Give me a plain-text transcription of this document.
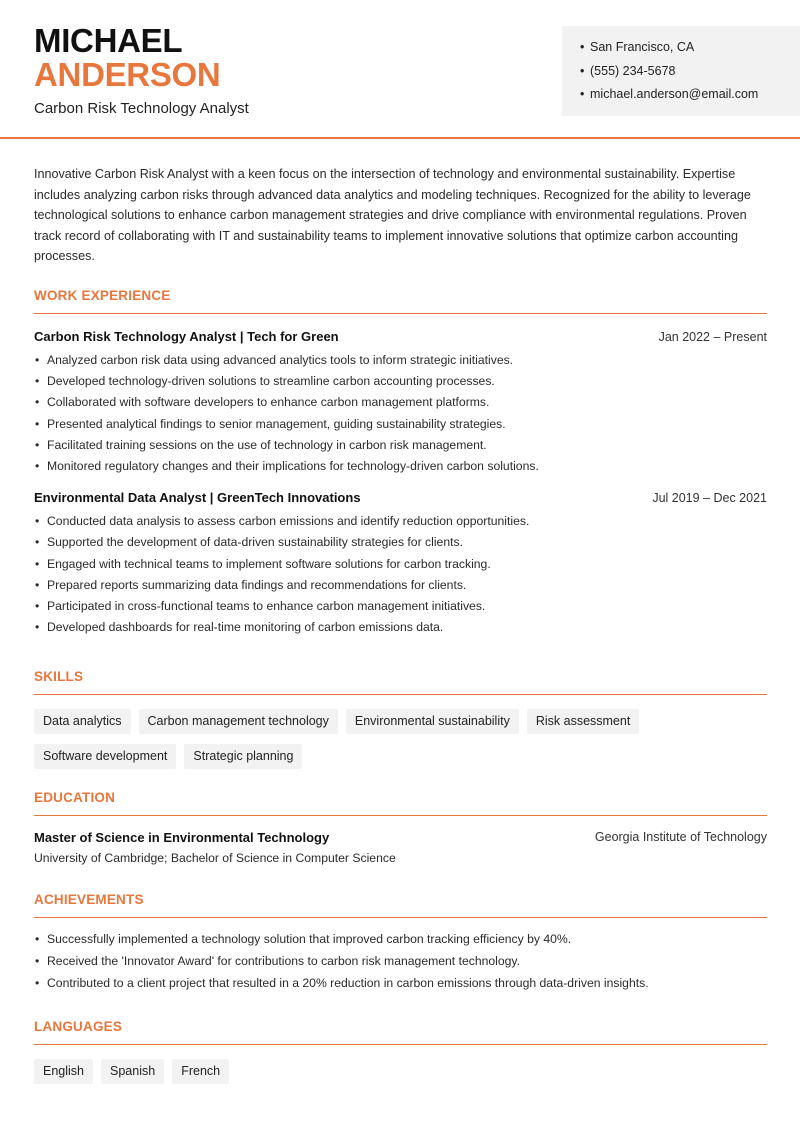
MICHAEL
ANDERSON
Carbon Risk Technology Analyst
• San Francisco, CA
• (555) 234-5678
• michael.anderson@email.com

Innovative Carbon Risk Analyst with a keen focus on the intersection of technology and environmental sustainability. Expertise includes analyzing carbon risks through advanced data analytics and modeling techniques. Recognized for the ability to leverage technological solutions to enhance carbon management strategies and drive compliance with environmental regulations. Proven track record of collaborating with IT and sustainability teams to implement innovative solutions that optimize carbon accounting processes.

WORK EXPERIENCE
Carbon Risk Technology Analyst | Tech for Green	Jan 2022 – Present
• Analyzed carbon risk data using advanced analytics tools to inform strategic initiatives.
• Developed technology-driven solutions to streamline carbon accounting processes.
• Collaborated with software developers to enhance carbon management platforms.
• Presented analytical findings to senior management, guiding sustainability strategies.
• Facilitated training sessions on the use of technology in carbon risk management.
• Monitored regulatory changes and their implications for technology-driven carbon solutions.
Environmental Data Analyst | GreenTech Innovations	Jul 2019 – Dec 2021
• Conducted data analysis to assess carbon emissions and identify reduction opportunities.
• Supported the development of data-driven sustainability strategies for clients.
• Engaged with technical teams to implement software solutions for carbon tracking.
• Prepared reports summarizing data findings and recommendations for clients.
• Participated in cross-functional teams to enhance carbon management initiatives.
• Developed dashboards for real-time monitoring of carbon emissions data.
SKILLS
Data analytics	Carbon management technology	Environmental sustainability	Risk assessment
Software development	Strategic planning
EDUCATION
Master of Science in Environmental Technology	Georgia Institute of Technology
University of Cambridge; Bachelor of Science in Computer Science
ACHIEVEMENTS
• Successfully implemented a technology solution that improved carbon tracking efficiency by 40%.
• Received the 'Innovator Award' for contributions to carbon risk management technology.
• Contributed to a client project that resulted in a 20% reduction in carbon emissions through data-driven insights.
LANGUAGES
English	Spanish	French
